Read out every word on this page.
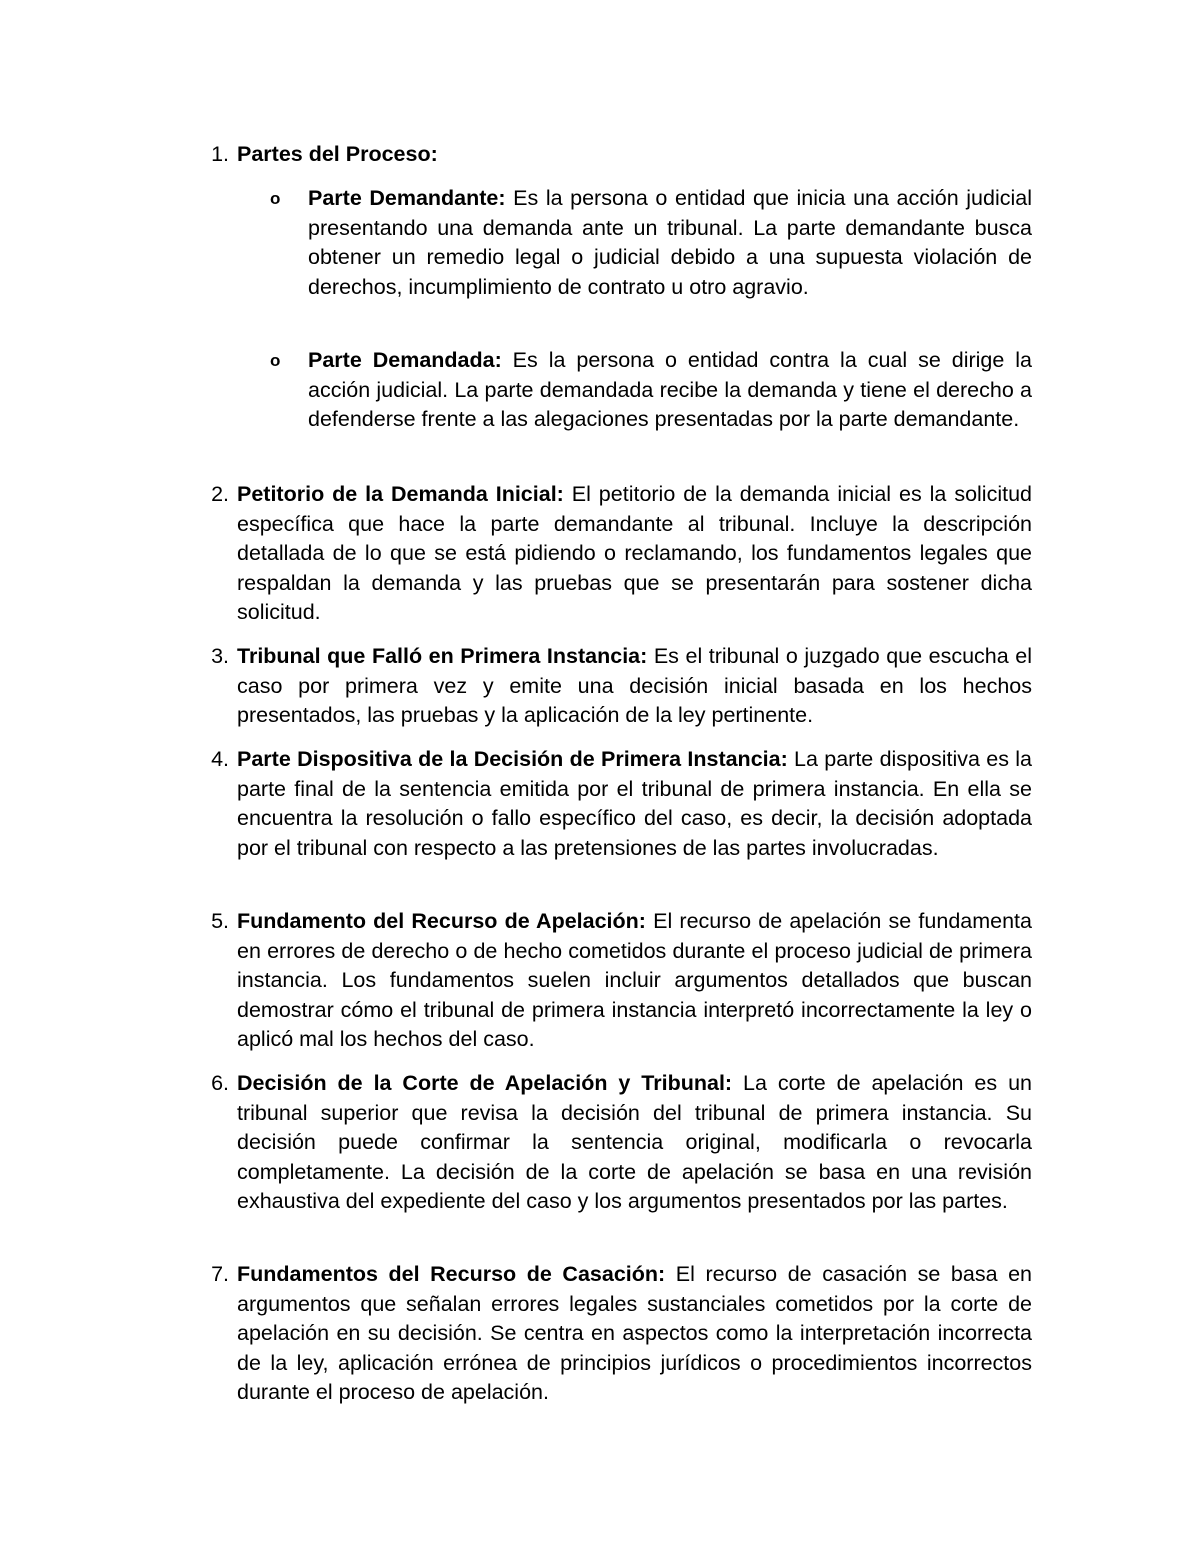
1. Partes del Proceso:
o Parte Demandante: Es la persona o entidad que inicia una acción judicial presentando una demanda ante un tribunal. La parte demandante busca obtener un remedio legal o judicial debido a una supuesta violación de derechos, incumplimiento de contrato u otro agravio.
o Parte Demandada: Es la persona o entidad contra la cual se dirige la acción judicial. La parte demandada recibe la demanda y tiene el derecho a defenderse frente a las alegaciones presentadas por la parte demandante.
2. Petitorio de la Demanda Inicial: El petitorio de la demanda inicial es la solicitud específica que hace la parte demandante al tribunal. Incluye la descripción detallada de lo que se está pidiendo o reclamando, los fundamentos legales que respaldan la demanda y las pruebas que se presentarán para sostener dicha solicitud.
3. Tribunal que Falló en Primera Instancia: Es el tribunal o juzgado que escucha el caso por primera vez y emite una decisión inicial basada en los hechos presentados, las pruebas y la aplicación de la ley pertinente.
4. Parte Dispositiva de la Decisión de Primera Instancia: La parte dispositiva es la parte final de la sentencia emitida por el tribunal de primera instancia. En ella se encuentra la resolución o fallo específico del caso, es decir, la decisión adoptada por el tribunal con respecto a las pretensiones de las partes involucradas.
5. Fundamento del Recurso de Apelación: El recurso de apelación se fundamenta en errores de derecho o de hecho cometidos durante el proceso judicial de primera instancia. Los fundamentos suelen incluir argumentos detallados que buscan demostrar cómo el tribunal de primera instancia interpretó incorrectamente la ley o aplicó mal los hechos del caso.
6. Decisión de la Corte de Apelación y Tribunal: La corte de apelación es un tribunal superior que revisa la decisión del tribunal de primera instancia. Su decisión puede confirmar la sentencia original, modificarla o revocarla completamente. La decisión de la corte de apelación se basa en una revisión exhaustiva del expediente del caso y los argumentos presentados por las partes.
7. Fundamentos del Recurso de Casación: El recurso de casación se basa en argumentos que señalan errores legales sustanciales cometidos por la corte de apelación en su decisión. Se centra en aspectos como la interpretación incorrecta de la ley, aplicación errónea de principios jurídicos o procedimientos incorrectos durante el proceso de apelación.
